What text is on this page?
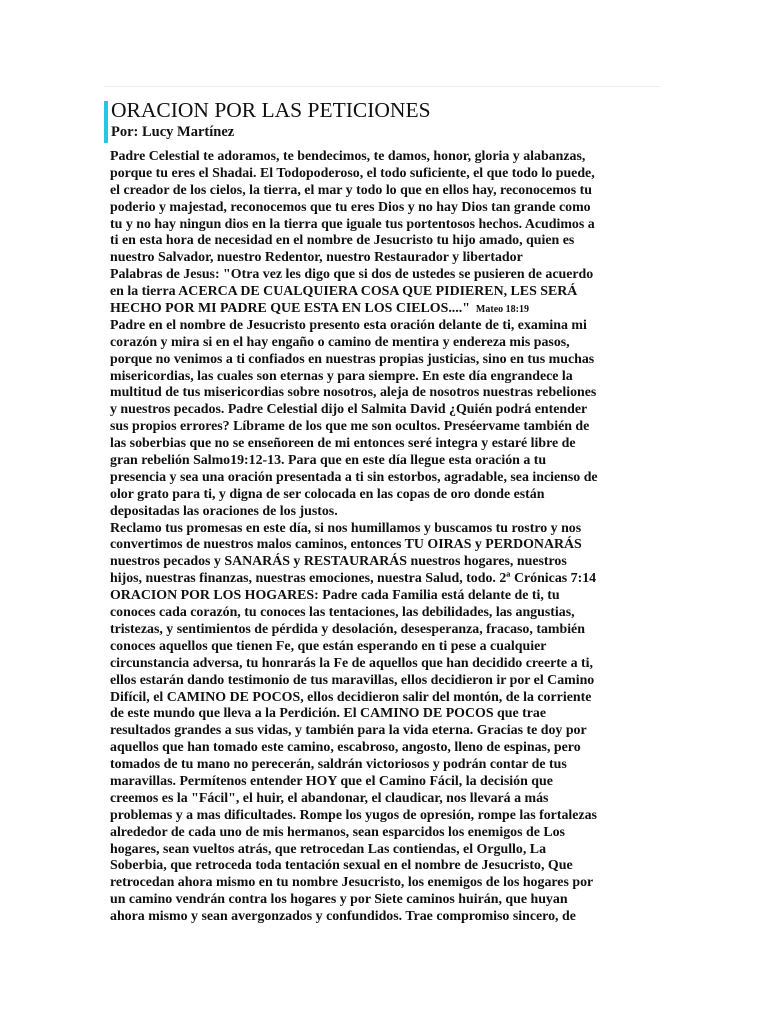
ORACION POR LAS PETICIONES

Por: Lucy Martínez

Padre Celestial te adoramos, te bendecimos, te damos, honor, gloria y alabanzas,
porque tu eres el Shadai. El Todopoderoso, el todo suficiente, el que todo lo puede,
el creador de los cielos, la tierra, el mar y todo lo que en ellos hay, reconocemos tu
poderio y majestad, reconocemos que tu eres Dios y no hay Dios tan grande como
tu y no hay ningun dios en la tierra que iguale tus portentosos hechos. Acudimos a
ti en esta hora de necesidad en el nombre de Jesucristo tu hijo amado, quien es
nuestro Salvador, nuestro Redentor, nuestro Restaurador y libertador
Palabras de Jesus: "Otra vez les digo que si dos de ustedes se pusieren de acuerdo
en la tierra ACERCA DE CUALQUIERA COSA QUE PIDIEREN, LES SERÁ
HECHO POR MI PADRE QUE ESTA EN LOS CIELOS...." Mateo 18:19
Padre en el nombre de Jesucristo presento esta oración delante de ti, examina mi
corazón y mira si en el hay engaño o camino de mentira y endereza mis pasos,
porque no venimos a ti confiados en nuestras propias justicias, sino en tus muchas
misericordias, las cuales son eternas y para siempre. En este día engrandece la
multitud de tus misericordias sobre nosotros, aleja de nosotros nuestras rebeliones
y nuestros pecados. Padre Celestial dijo el Salmita David ¿Quién podrá entender
sus propios errores? Líbrame de los que me son ocultos. Preséervame también de
las soberbias que no se enseñoreen de mi entonces seré integra y estaré libre de
gran rebelión Salmo19:12-13. Para que en este día llegue esta oración a tu
presencia y sea una oración presentada a ti sin estorbos, agradable, sea incienso de
olor grato para ti, y digna de ser colocada en las copas de oro donde están
depositadas las oraciones de los justos.
Reclamo tus promesas en este día, si nos humillamos y buscamos tu rostro y nos
convertimos de nuestros malos caminos, entonces TU OIRAS y PERDONARÁS
nuestros pecados y SANARÁS y RESTAURARÁS nuestros hogares, nuestros
hijos, nuestras finanzas, nuestras emociones, nuestra Salud, todo. 2ª Crónicas 7:14
ORACION POR LOS HOGARES: Padre cada Familia está delante de ti, tu
conoces cada corazón, tu conoces las tentaciones, las debilidades, las angustias,
tristezas, y sentimientos de pérdida y desolación, desesperanza, fracaso, también
conoces aquellos que tienen Fe, que están esperando en ti pese a cualquier
circunstancia adversa, tu honrarás la Fe de aquellos que han decidido creerte a ti,
ellos estarán dando testimonio de tus maravillas, ellos decidieron ir por el Camino
Difícil, el CAMINO DE POCOS, ellos decidieron salir del montón, de la corriente
de este mundo que lleva a la Perdición. El CAMINO DE POCOS que trae
resultados grandes a sus vidas, y también para la vida eterna. Gracias te doy por
aquellos que han tomado este camino, escabroso, angosto, lleno de espinas, pero
tomados de tu mano no perecerán, saldrán victoriosos y podrán contar de tus
maravillas. Permítenos entender HOY que el Camino Fácil, la decisión que
creemos es la "Fácil", el huir, el abandonar, el claudicar, nos llevará a más
problemas y a mas dificultades. Rompe los yugos de opresión, rompe las fortalezas
alrededor de cada uno de mis hermanos, sean esparcidos los enemigos de Los
hogares, sean vueltos atrás, que retrocedan Las contiendas, el Orgullo, La
Soberbia, que retroceda toda tentación sexual en el nombre de Jesucristo, Que
retrocedan ahora mismo en tu nombre Jesucristo, los enemigos de los hogares por
un camino vendrán contra los hogares y por Siete caminos huirán, que huyan
ahora mismo y sean avergonzados y confundidos. Trae compromiso sincero, de
